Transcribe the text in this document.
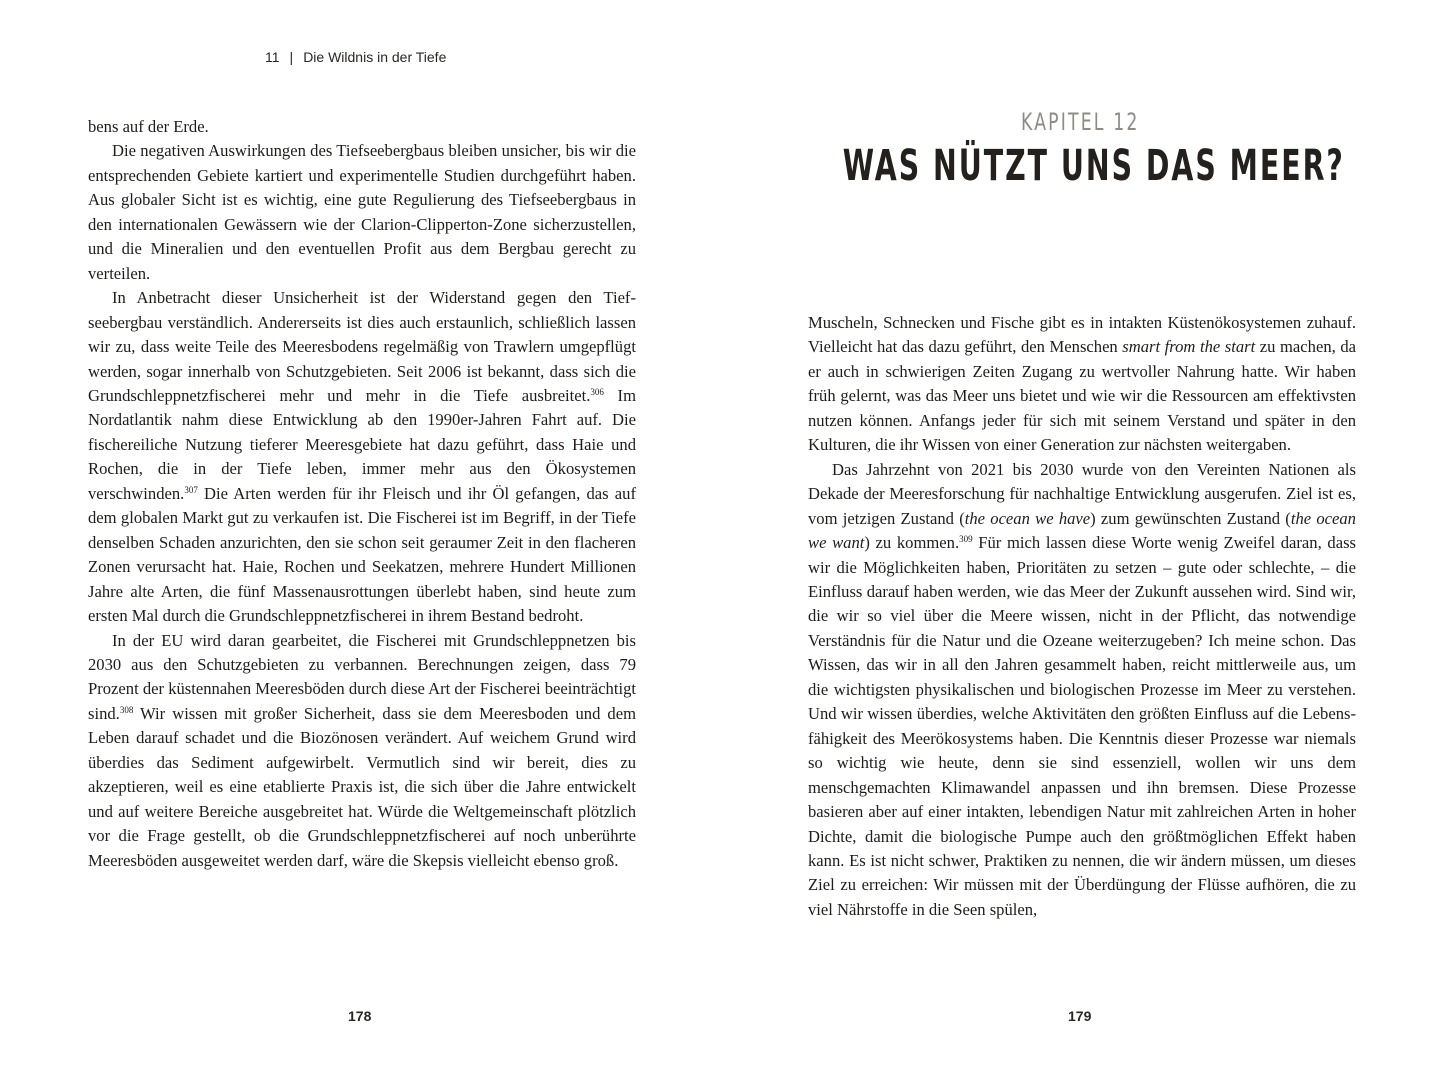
11 | Die Wildnis in der Tiefe

bens auf der Erde.

Die negativen Auswirkungen des Tiefseebergbaus bleiben unsicher, bis wir die entsprechenden Gebiete kartiert und experimentelle Studien durchgeführt haben. Aus globaler Sicht ist es wichtig, eine gute Regulierung des Tiefseebergbaus in den internationalen Gewässern wie der Clarion-Clipperton-Zone sicherzustellen, und die Mineralien und den eventuellen Profit aus dem Bergbau gerecht zu verteilen.

In Anbetracht dieser Unsicherheit ist der Widerstand gegen den Tiefseebergbau verständlich. Andererseits ist dies auch erstaunlich, schließlich lassen wir zu, dass weite Teile des Meeresbodens regelmäßig von Trawlern umgepflügt werden, sogar innerhalb von Schutzgebieten. Seit 2006 ist bekannt, dass sich die Grundschleppnetzfischerei mehr und mehr in die Tiefe ausbreitet.$^{306}$ Im Nordatlantik nahm diese Entwicklung ab den 1990er-Jahren Fahrt auf. Die fischereiliche Nutzung tieferer Meeresgebiete hat dazu geführt, dass Haie und Rochen, die in der Tiefe leben, immer mehr aus den Ökosystemen verschwinden.$^{307}$ Die Arten werden für ihr Fleisch und ihr Öl gefangen, das auf dem globalen Markt gut zu verkaufen ist. Die Fischerei ist im Begriff, in der Tiefe denselben Schaden anzurichten, den sie schon seit geraumer Zeit in den flacheren Zonen verursacht hat. Haie, Rochen und Seekatzen, mehrere Hundert Millionen Jahre alte Arten, die fünf Massenausrottungen überlebt haben, sind heute zum ersten Mal durch die Grundschleppnetzfischerei in ihrem Bestand bedroht.

In der EU wird daran gearbeitet, die Fischerei mit Grundschleppnetzen bis 2030 aus den Schutzgebieten zu verbannen. Berechnungen zeigen, dass 79 Prozent der küstennahen Meeresböden durch diese Art der Fischerei beeinträchtigt sind.$^{308}$ Wir wissen mit großer Sicherheit, dass sie dem Meeresboden und dem Leben darauf schadet und die Biozönosen verändert. Auf weichem Grund wird überdies das Sediment aufgewirbelt. Vermutlich sind wir bereit, dies zu akzeptieren, weil es eine etablierte Praxis ist, die sich über die Jahre entwickelt und auf weitere Bereiche ausgebreitet hat. Würde die Weltgemeinschaft plötzlich vor die Frage gestellt, ob die Grundschleppnetzfischerei auf noch unberührte Meeresböden ausgeweitet werden darf, wäre die Skepsis vielleicht ebenso groß.

178
KAPITEL 12
WAS NÜTZT UNS DAS MEER?

Muscheln, Schnecken und Fische gibt es in intakten Küstenökosystemen zuhauf. Vielleicht hat das dazu geführt, den Menschen smart from the start zu machen, da er auch in schwierigen Zeiten Zugang zu wertvoller Nahrung hatte. Wir haben früh gelernt, was das Meer uns bietet und wie wir die Ressourcen am effektivsten nutzen können. Anfangs jeder für sich mit seinem Verstand und später in den Kulturen, die ihr Wissen von einer Generation zur nächsten weitergaben.

Das Jahrzehnt von 2021 bis 2030 wurde von den Vereinten Nationen als Dekade der Meeresforschung für nachhaltige Entwicklung ausgerufen. Ziel ist es, vom jetzigen Zustand (the ocean we have) zum gewünschten Zustand (the ocean we want) zu kommen.$^{309}$ Für mich lassen diese Worte wenig Zweifel daran, dass wir die Möglichkeiten haben, Prioritäten zu setzen – gute oder schlechte, – die Einfluss darauf haben werden, wie das Meer der Zukunft aussehen wird. Sind wir, die wir so viel über die Meere wissen, nicht in der Pflicht, das notwendige Verständnis für die Natur und die Ozeane weiterzugeben? Ich meine schon. Das Wissen, das wir in all den Jahren gesammelt haben, reicht mittlerweile aus, um die wichtigsten physikalischen und biologischen Prozesse im Meer zu verstehen. Und wir wissen überdies, welche Aktivitäten den größten Einfluss auf die Lebensfähigkeit des Meerökosystems haben. Die Kenntnis dieser Prozesse war niemals so wichtig wie heute, denn sie sind essenziell, wollen wir uns dem menschgemachten Klimawandel anpassen und ihn bremsen. Diese Prozesse basieren aber auf einer intakten, lebendigen Natur mit zahlreichen Arten in hoher Dichte, damit die biologische Pumpe auch den größtmöglichen Effekt haben kann. Es ist nicht schwer, Praktiken zu nennen, die wir ändern müssen, um dieses Ziel zu erreichen: Wir müssen mit der Überdüngung der Flüsse aufhören, die zu viel Nährstoffe in die Seen spülen,

179
